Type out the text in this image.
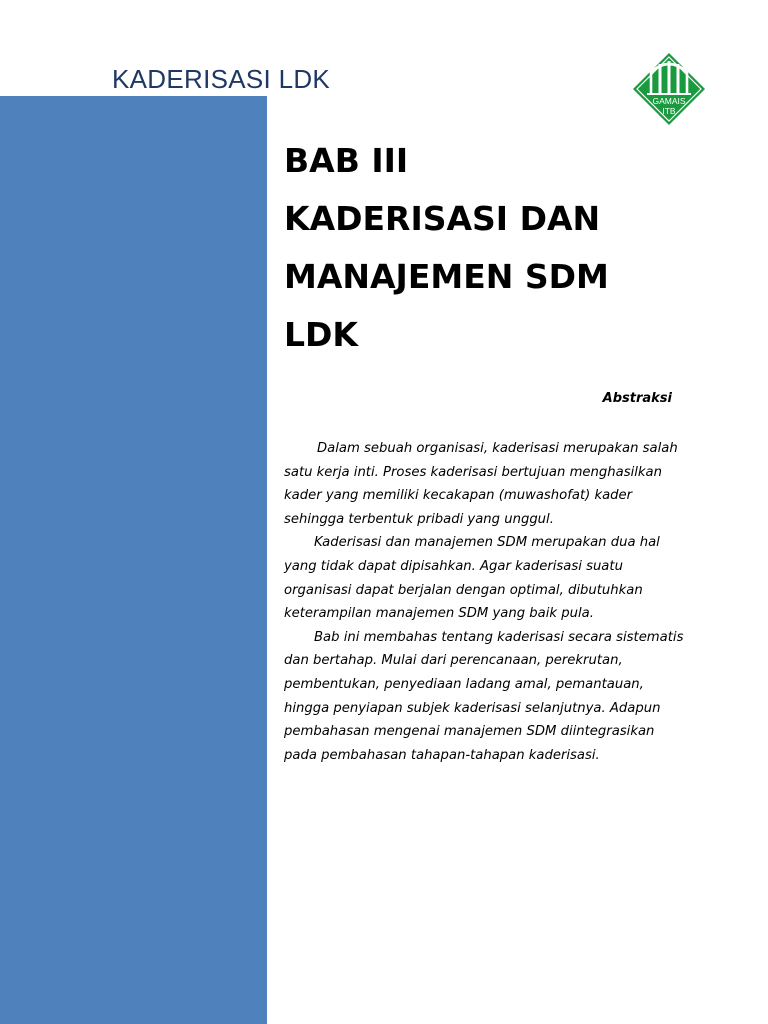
KADERISASI LDK
GAMAIS
ITB
BAB III
KADERISASI DAN
MANAJEMEN SDM
LDK
Abstraksi

Dalam sebuah organisasi, kaderisasi merupakan salah satu kerja inti. Proses kaderisasi bertujuan menghasilkan kader yang memiliki kecakapan (muwashofat) kader sehingga terbentuk pribadi yang unggul.

Kaderisasi dan manajemen SDM merupakan dua hal yang tidak dapat dipisahkan. Agar kaderisasi suatu organisasi dapat berjalan dengan optimal, dibutuhkan keterampilan manajemen SDM yang baik pula.

Bab ini membahas tentang kaderisasi secara sistematis dan bertahap. Mulai dari perencanaan, perekrutan, pembentukan, penyediaan ladang amal, pemantauan, hingga penyiapan subjek kaderisasi selanjutnya. Adapun pembahasan mengenai manajemen SDM diintegrasikan pada pembahasan tahapan-tahapan kaderisasi.
